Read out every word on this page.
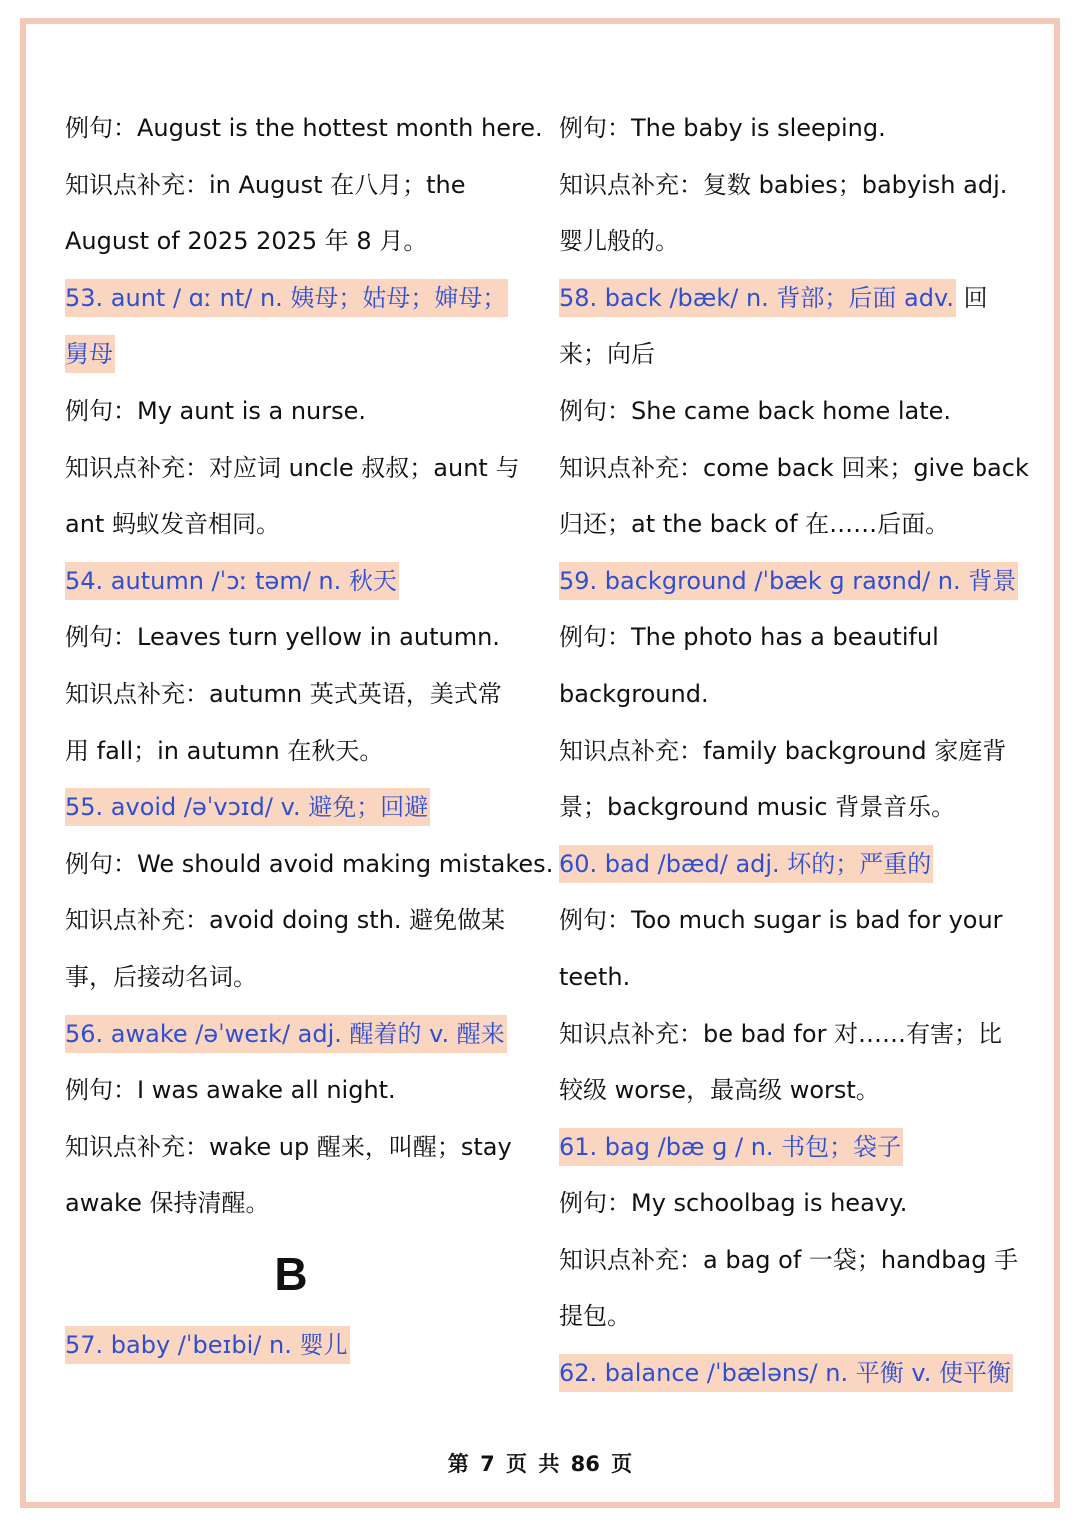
例句：August is the hottest month here.
知识点补充：in August 在八月；the
August of 2025 2025 年 8 月。
53. aunt / ɑː nt/ n. 姨母；姑母；婶母；
舅母
例句：My aunt is a nurse.
知识点补充：对应词 uncle 叔叔；aunt 与
ant 蚂蚁发音相同。
54. autumn /ˈɔː təm/ n. 秋天
例句：Leaves turn yellow in autumn.
知识点补充：autumn 英式英语，美式常
用 fall；in autumn 在秋天。
55. avoid /əˈvɔɪd/ v. 避免；回避
例句：We should avoid making mistakes.
知识点补充：avoid doing sth. 避免做某
事，后接动名词。
56. awake /əˈweɪk/ adj. 醒着的 v. 醒来
例句：I was awake all night.
知识点补充：wake up 醒来，叫醒；stay
awake 保持清醒。
B
57. baby /ˈbeɪbi/ n. 婴儿
例句：The baby is sleeping.
知识点补充：复数 babies；babyish adj.
婴儿般的。
58. back /bæk/ n. 背部；后面 adv. 回
来；向后
例句：She came back home late.
知识点补充：come back 回来；give back
归还；at the back of 在……后面。
59. background /ˈbæk ɡ raʊnd/ n. 背景
例句：The photo has a beautiful
background.
知识点补充：family background 家庭背
景；background music 背景音乐。
60. bad /bæd/ adj. 坏的；严重的
例句：Too much sugar is bad for your
teeth.
知识点补充：be bad for 对……有害；比
较级 worse，最高级 worst。
61. bag /bæ ɡ / n. 书包；袋子
例句：My schoolbag is heavy.
知识点补充：a bag of 一袋；handbag 手
提包。
62. balance /ˈbæləns/ n. 平衡 v. 使平衡
第 7 页 共 86 页
